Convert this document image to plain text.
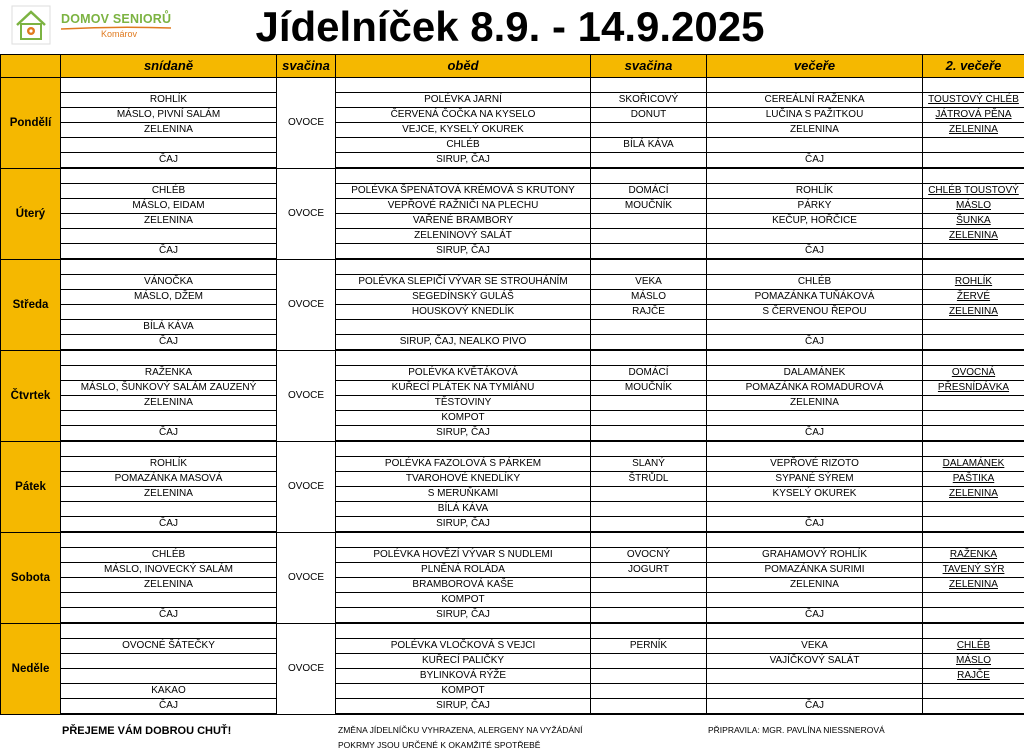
DOMOV SENIORŮ
Komárov	Jídelníček 8.9. - 14.9.2025
	snídaně	svačina	oběd	svačina	večeře	2. večeře
Pondělí		OVOCE				
	ROHLÍK		POLÉVKA JARNÍ	SKOŘICOVÝ	CEREÁLNÍ RAŽENKA	TOUSTOVÝ CHLÉB
	MÁSLO, PIVNÍ SALÁM		ČERVENÁ ČOČKA NA KYSELO	DONUT	LUČINA S PAŽITKOU	JÁTROVÁ PĚNA
	ZELENINA		VEJCE, KYSELÝ OKUREK		ZELENINA	ZELENINA
			CHLÉB	BÍLÁ KÁVA		
	ČAJ		SIRUP, ČAJ		ČAJ	
Úterý		OVOCE				
	CHLÉB		POLÉVKA ŠPENÁTOVÁ KRÉMOVÁ S KRUTONY	DOMÁCÍ	ROHLÍK	CHLÉB TOUSTOVÝ
	MÁSLO, EIDAM		VEPŘOVÉ RAŽNIČI NA PLECHU	MOUČNÍK	PÁRKY	MÁSLO
	ZELENINA		VAŘENÉ BRAMBORY		KEČUP, HOŘČICE	ŠUNKA
			ZELENINOVÝ SALÁT			ZELENINA
	ČAJ		SIRUP, ČAJ		ČAJ	
Středa		OVOCE				
	VÁNOČKA		POLÉVKA SLEPIČÍ VÝVAR SE STROUHÁNÍM	VEKA	CHLÉB	ROHLÍK
	MÁSLO, DŽEM		SEGEDÍNSKÝ GULÁŠ	MÁSLO	POMAZÁNKA TUŇÁKOVÁ	ŽERVÉ
			HOUSKOVÝ KNEDLÍK	RAJČE	S ČERVENOU ŘEPOU	ZELENINA
	BÍLÁ KÁVA					
	ČAJ		SIRUP, ČAJ, NEALKO PIVO		ČAJ	
Čtvrtek		OVOCE				
	RAŽENKA		POLÉVKA KVĚTÁKOVÁ	DOMÁCÍ	DALAMÁNEK	OVOCNÁ
	MÁSLO, ŠUNKOVÝ SALÁM ZAUZENÝ		KUŘECÍ PLÁTEK NA TYMIÁNU	MOUČNÍK	POMAZÁNKA ROMADUROVÁ	PŘESNÍDÁVKA
	ZELENINA		TĚSTOVINY		ZELENINA	
			KOMPOT			
	ČAJ		SIRUP, ČAJ		ČAJ	
Pátek		OVOCE				
	ROHLÍK		POLÉVKA FAZOLOVÁ S PÁRKEM	SLANÝ	VEPŘOVÉ RIZOTO	DALAMÁNEK
	POMAZÁNKA MASOVÁ		TVAROHOVÉ KNEDLÍKY	ŠTRŮDL	SYPANÉ SÝREM	PAŠTIKA
	ZELENINA		S MERUŇKAMI		KYSELÝ OKUREK	ZELENINA
			BÍLÁ KÁVA			
	ČAJ		SIRUP, ČAJ		ČAJ	
Sobota		OVOCE				
	CHLÉB		POLÉVKA HOVĚZÍ VÝVAR S NUDLEMI	OVOCNÝ	GRAHAMOVÝ ROHLÍK	RAŽENKA
	MÁSLO, INOVECKÝ SALÁM		PLNĚNÁ ROLÁDA	JOGURT	POMAZÁNKA SURIMI	TAVENÝ SÝR
	ZELENINA		BRAMBOROVÁ KAŠE		ZELENINA	ZELENINA
			KOMPOT			
	ČAJ		SIRUP, ČAJ		ČAJ	
Neděle		OVOCE				
	OVOCNÉ ŠÁTEČKY		POLÉVKA VLOČKOVÁ S VEJCI	PERNÍK	VEKA	CHLÉB
			KUŘECÍ PALIČKY		VAJÍČKOVÝ SALÁT	MÁSLO
			BYLINKOVÁ RÝŽE			RAJČE
	KAKAO		KOMPOT			
	ČAJ		SIRUP, ČAJ		ČAJ	
PŘEJEME VÁM DOBROU CHUŤ!	ZMĚNA JÍDELNÍČKU VYHRAZENA, ALERGENY NA VYŽÁDÁNÍ
POKRMY JSOU URČENÉ K OKAMŽITÉ SPOTŘEBĚ
PŘIPRAVILA: MGR. PAVLÍNA NIESSNEROVÁ
